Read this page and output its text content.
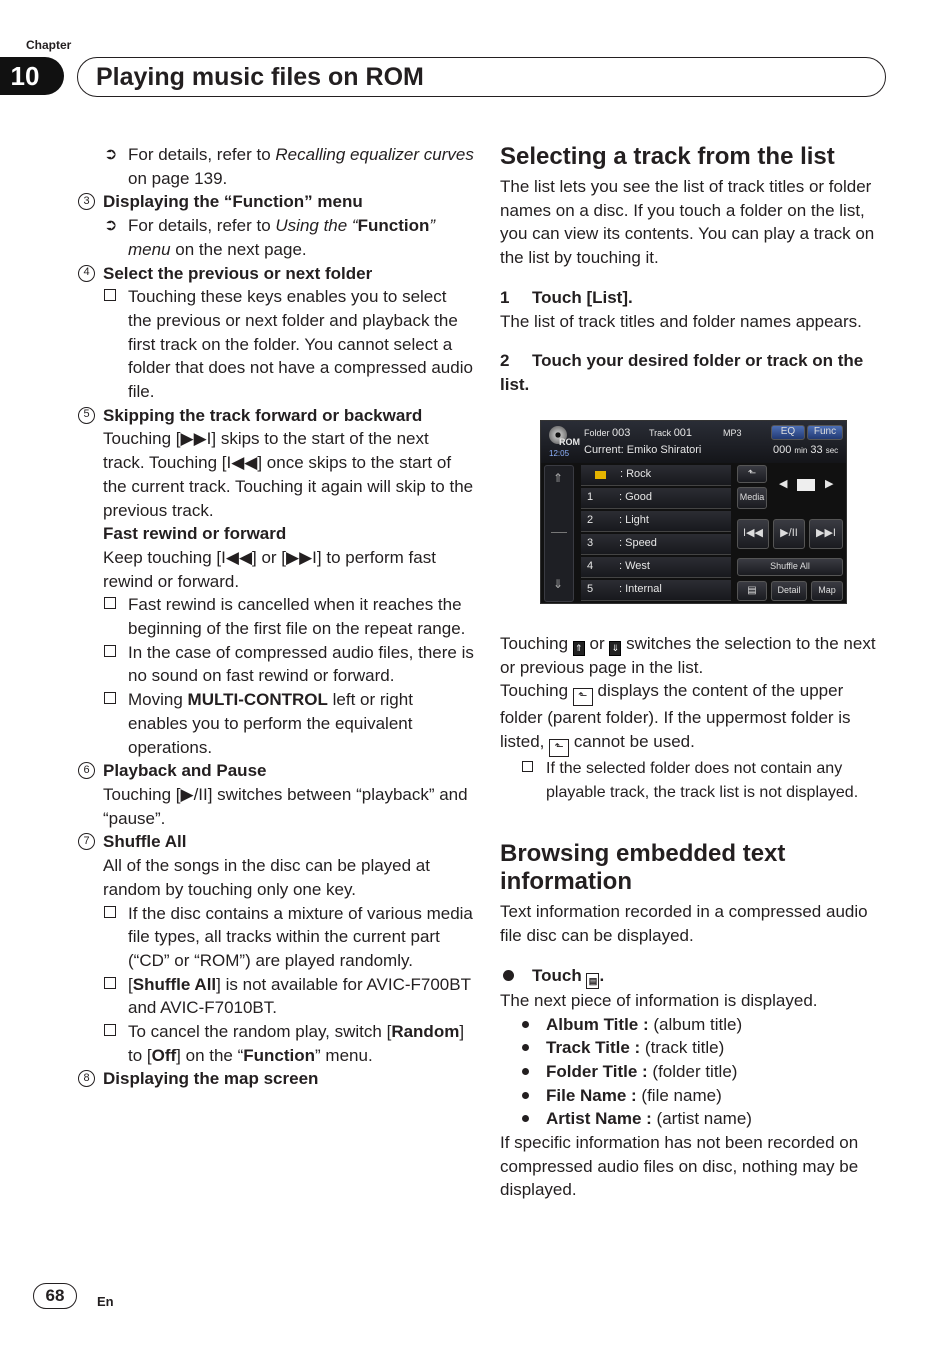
Chapter
10	Playing music files on ROM
➲ For details, refer to Recalling equalizer curves on page 139.
3 Displaying the “Function” menu
➲ For details, refer to Using the “Function” menu on the next page.
4 Select the previous or next folder
Touching these keys enables you to select the previous or next folder and playback the first track on the folder. You cannot select a folder that does not have a compressed audio file.
5 Skipping the track forward or backward
Touching [▶▶I] skips to the start of the next track. Touching [I◀◀] once skips to the start of the current track. Touching it again will skip to the previous track.
Fast rewind or forward
Keep touching [I◀◀] or [▶▶I] to perform fast rewind or forward.
Fast rewind is cancelled when it reaches the beginning of the first file on the repeat range.
In the case of compressed audio files, there is no sound on fast rewind or forward.
Moving MULTI-CONTROL left or right enables you to perform the equivalent operations.
6 Playback and Pause
Touching [▶/II] switches between “playback” and “pause”.
7 Shuffle All
All of the songs in the disc can be played at random by touching only one key.
If the disc contains a mixture of various media file types, all tracks within the current part (“CD” or “ROM”) are played randomly.
[Shuffle All] is not available for AVIC-F700BT and AVIC-F7010BT.
To cancel the random play, switch [Random] to [Off] on the “Function” menu.
8 Displaying the map screen
Selecting a track from the list
The list lets you see the list of track titles or folder names on a disc. If you touch a folder on the list, you can view its contents. You can play a track on the list by touching it.
1 Touch [List].
The list of track titles and folder names appears.
2 Touch your desired folder or track on the list.
ROM
12:05
Folder 003 Track 001	MP3	EQ	Func
Current: Emiko Shiratori	000 min 33 sec
⇑
⇓
: Rock
1	: Good
2	: Light
3	: Speed
4	: West
5	: Internal
⬑
Media
◀	▶
I◀◀	▶/II	▶▶I
Shuffle All
▤	Detail	Map
Touching ⇑ or ⇓ switches the selection to the next or previous page in the list.
Touching ⬑ displays the content of the upper folder (parent folder). If the uppermost folder is listed, ⬑ cannot be used.
If the selected folder does not contain any playable track, the track list is not displayed.
Browsing embedded text information
Text information recorded in a compressed audio file disc can be displayed.
Touch ▤ .
The next piece of information is displayed.
Album Title : (album title)
Track Title : (track title)
Folder Title : (folder title)
File Name : (file name)
Artist Name : (artist name)
If specific information has not been recorded on compressed audio files on disc, nothing may be displayed.
68	En
